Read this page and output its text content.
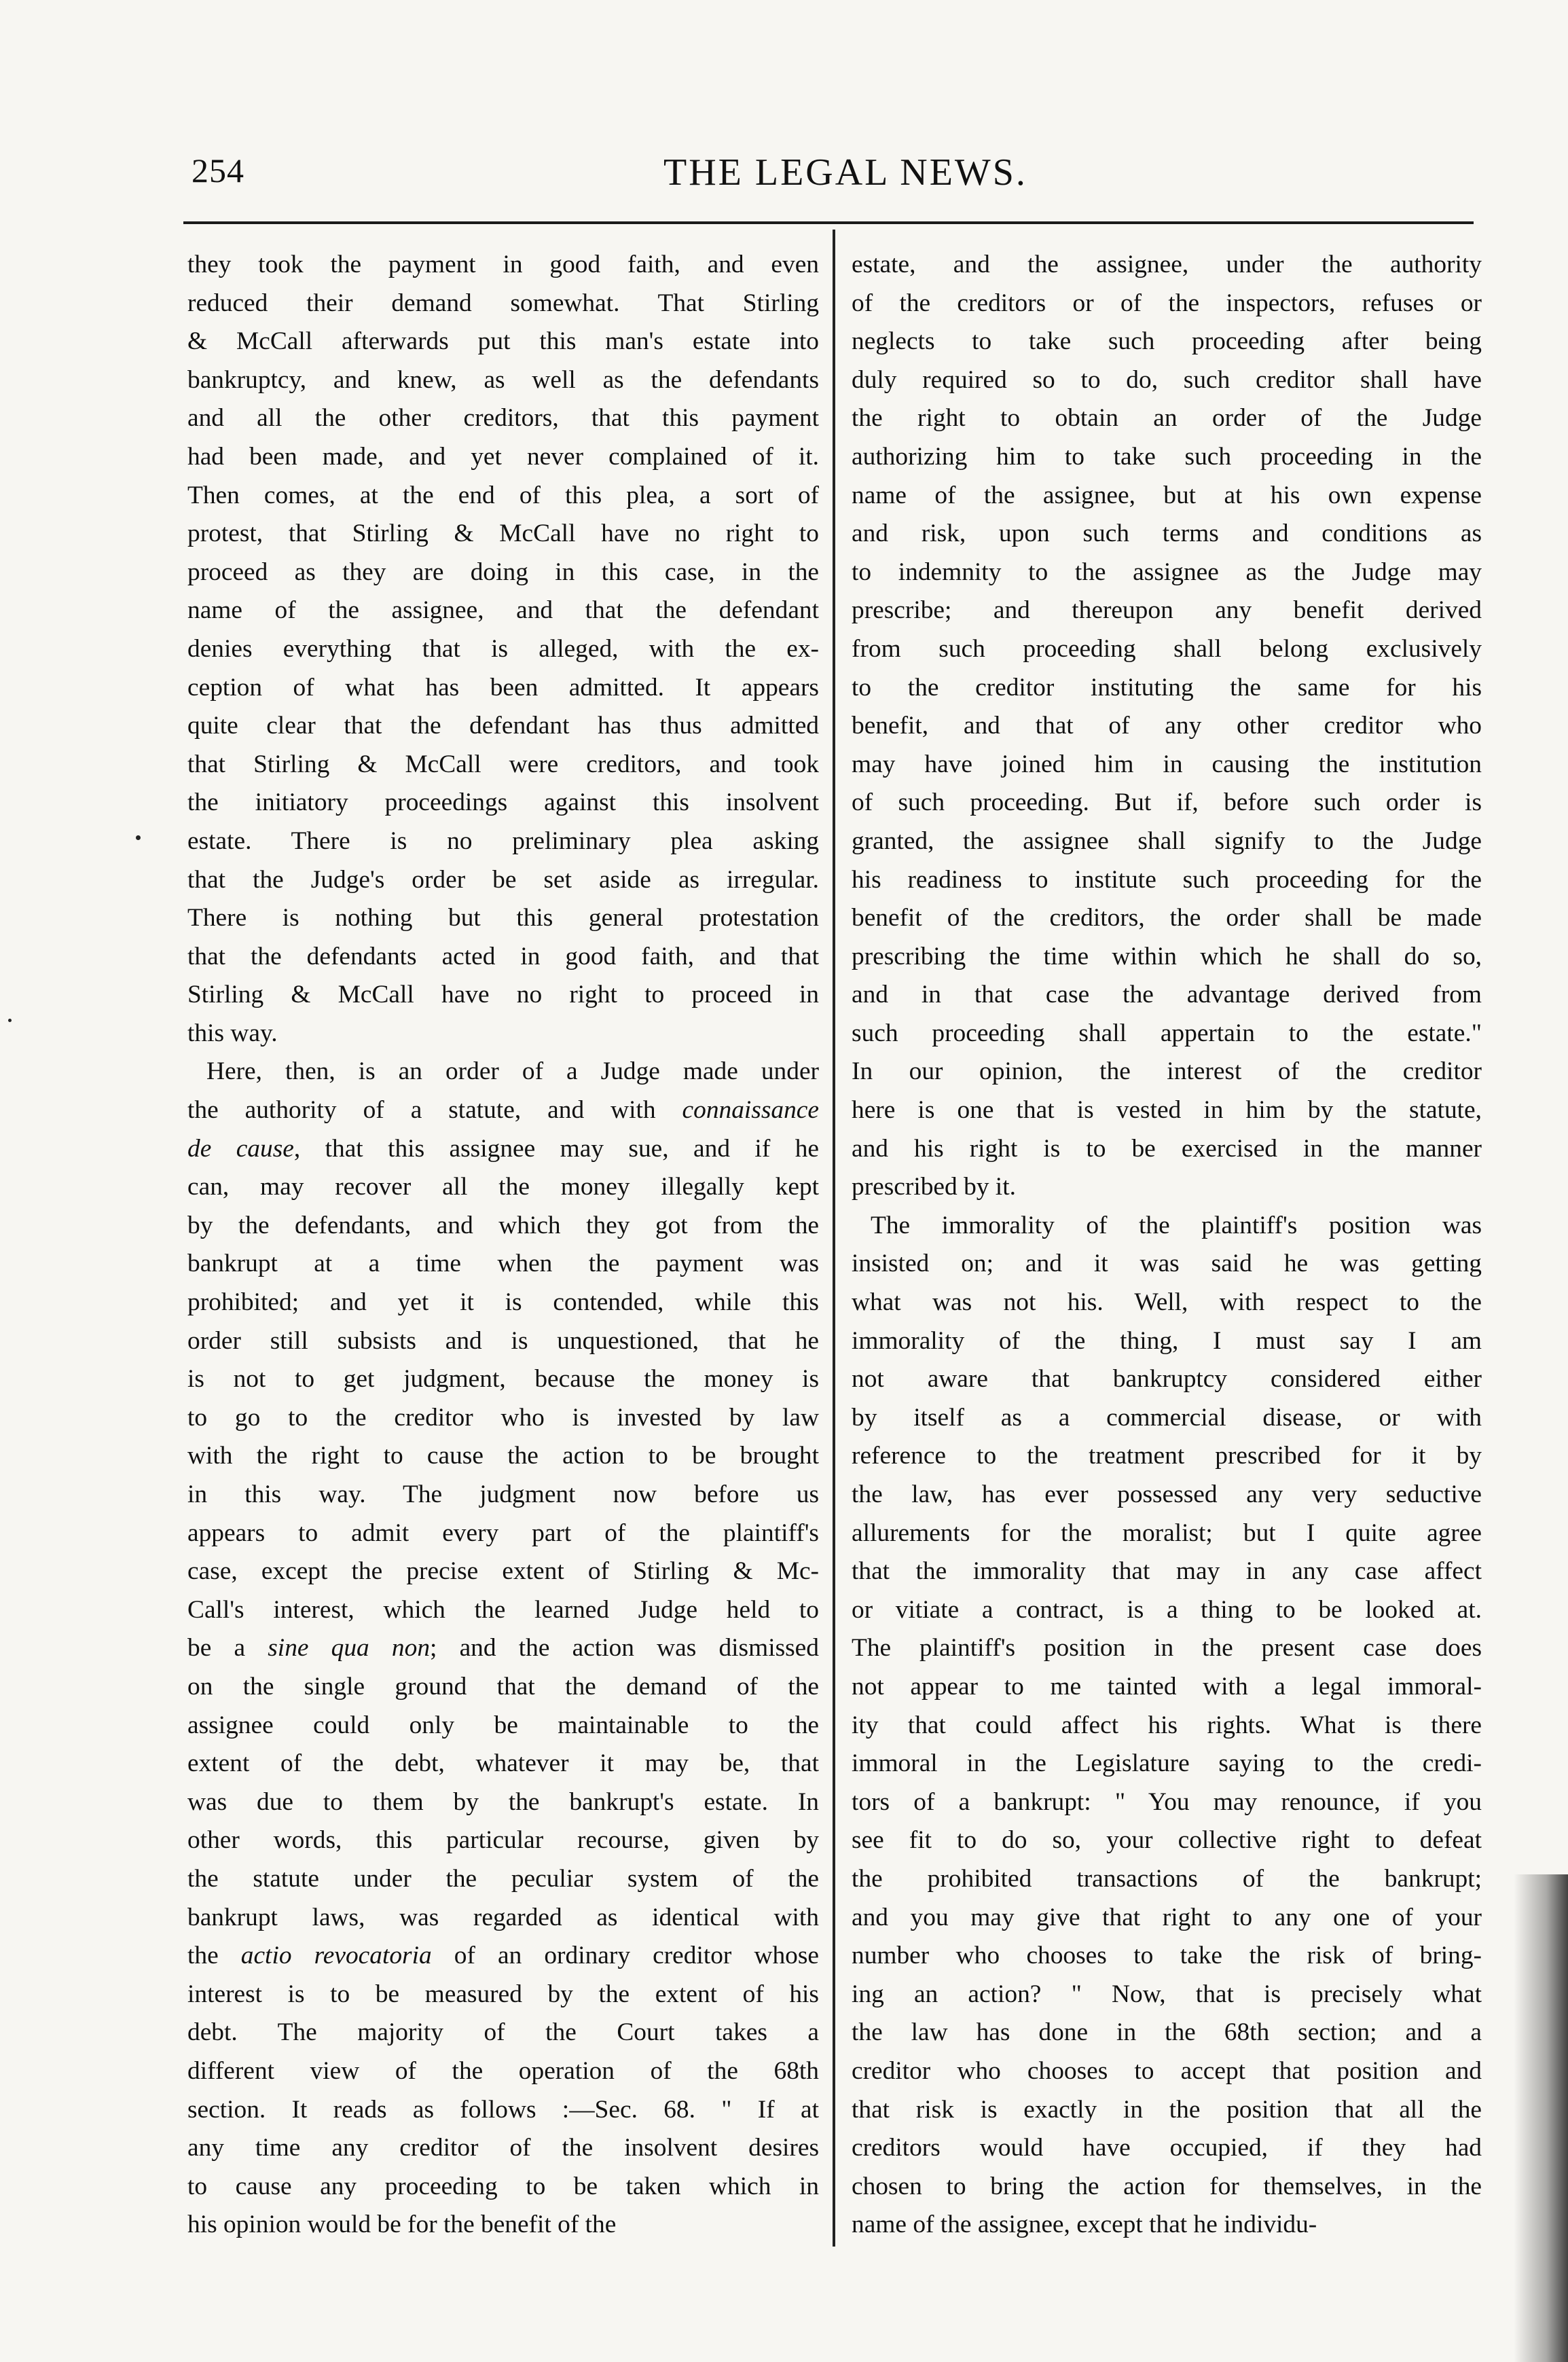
254	THE LEGAL NEWS.
they took the payment in good faith, and even
reduced their demand somewhat. That Stirling
& McCall afterwards put this man's estate into
bankruptcy, and knew, as well as the defendants
and all the other creditors, that this payment
had been made, and yet never complained of it.
Then comes, at the end of this plea, a sort of
protest, that Stirling & McCall have no right to
proceed as they are doing in this case, in the
name of the assignee, and that the defendant
denies everything that is alleged, with the ex-
ception of what has been admitted. It appears
quite clear that the defendant has thus admitted
that Stirling & McCall were creditors, and took
the initiatory proceedings against this insolvent
estate. There is no preliminary plea asking
that the Judge's order be set aside as irregular.
There is nothing but this general protestation
that the defendants acted in good faith, and that
Stirling & McCall have no right to proceed in
this way.
Here, then, is an order of a Judge made under
the authority of a statute, and with connaissance
de cause, that this assignee may sue, and if he
can, may recover all the money illegally kept
by the defendants, and which they got from the
bankrupt at a time when the payment was
prohibited; and yet it is contended, while this
order still subsists and is unquestioned, that he
is not to get judgment, because the money is
to go to the creditor who is invested by law
with the right to cause the action to be brought
in this way. The judgment now before us
appears to admit every part of the plaintiff's
case, except the precise extent of Stirling & Mc-
Call's interest, which the learned Judge held to
be a sine qua non; and the action was dismissed
on the single ground that the demand of the
assignee could only be maintainable to the
extent of the debt, whatever it may be, that
was due to them by the bankrupt's estate. In
other words, this particular recourse, given by
the statute under the peculiar system of the
bankrupt laws, was regarded as identical with
the actio revocatoria of an ordinary creditor whose
interest is to be measured by the extent of his
debt. The majority of the Court takes a
different view of the operation of the 68th
section. It reads as follows :—Sec. 68. " If at
any time any creditor of the insolvent desires
to cause any proceeding to be taken which in
his opinion would be for the benefit of the
estate, and the assignee, under the authority
of the creditors or of the inspectors, refuses or
neglects to take such proceeding after being
duly required so to do, such creditor shall have
the right to obtain an order of the Judge
authorizing him to take such proceeding in the
name of the assignee, but at his own expense
and risk, upon such terms and conditions as
to indemnity to the assignee as the Judge may
prescribe; and thereupon any benefit derived
from such proceeding shall belong exclusively
to the creditor instituting the same for his
benefit, and that of any other creditor who
may have joined him in causing the institution
of such proceeding. But if, before such order is
granted, the assignee shall signify to the Judge
his readiness to institute such proceeding for the
benefit of the creditors, the order shall be made
prescribing the time within which he shall do so,
and in that case the advantage derived from
such proceeding shall appertain to the estate."
In our opinion, the interest of the creditor
here is one that is vested in him by the statute,
and his right is to be exercised in the manner
prescribed by it.
The immorality of the plaintiff's position was
insisted on; and it was said he was getting
what was not his. Well, with respect to the
immorality of the thing, I must say I am
not aware that bankruptcy considered either
by itself as a commercial disease, or with
reference to the treatment prescribed for it by
the law, has ever possessed any very seductive
allurements for the moralist; but I quite agree
that the immorality that may in any case affect
or vitiate a contract, is a thing to be looked at.
The plaintiff's position in the present case does
not appear to me tainted with a legal immoral-
ity that could affect his rights. What is there
immoral in the Legislature saying to the credi-
tors of a bankrupt: " You may renounce, if you
see fit to do so, your collective right to defeat
the prohibited transactions of the bankrupt;
and you may give that right to any one of your
number who chooses to take the risk of bring-
ing an action? " Now, that is precisely what
the law has done in the 68th section; and a
creditor who chooses to accept that position and
that risk is exactly in the position that all the
creditors would have occupied, if they had
chosen to bring the action for themselves, in the
name of the assignee, except that he individu-
